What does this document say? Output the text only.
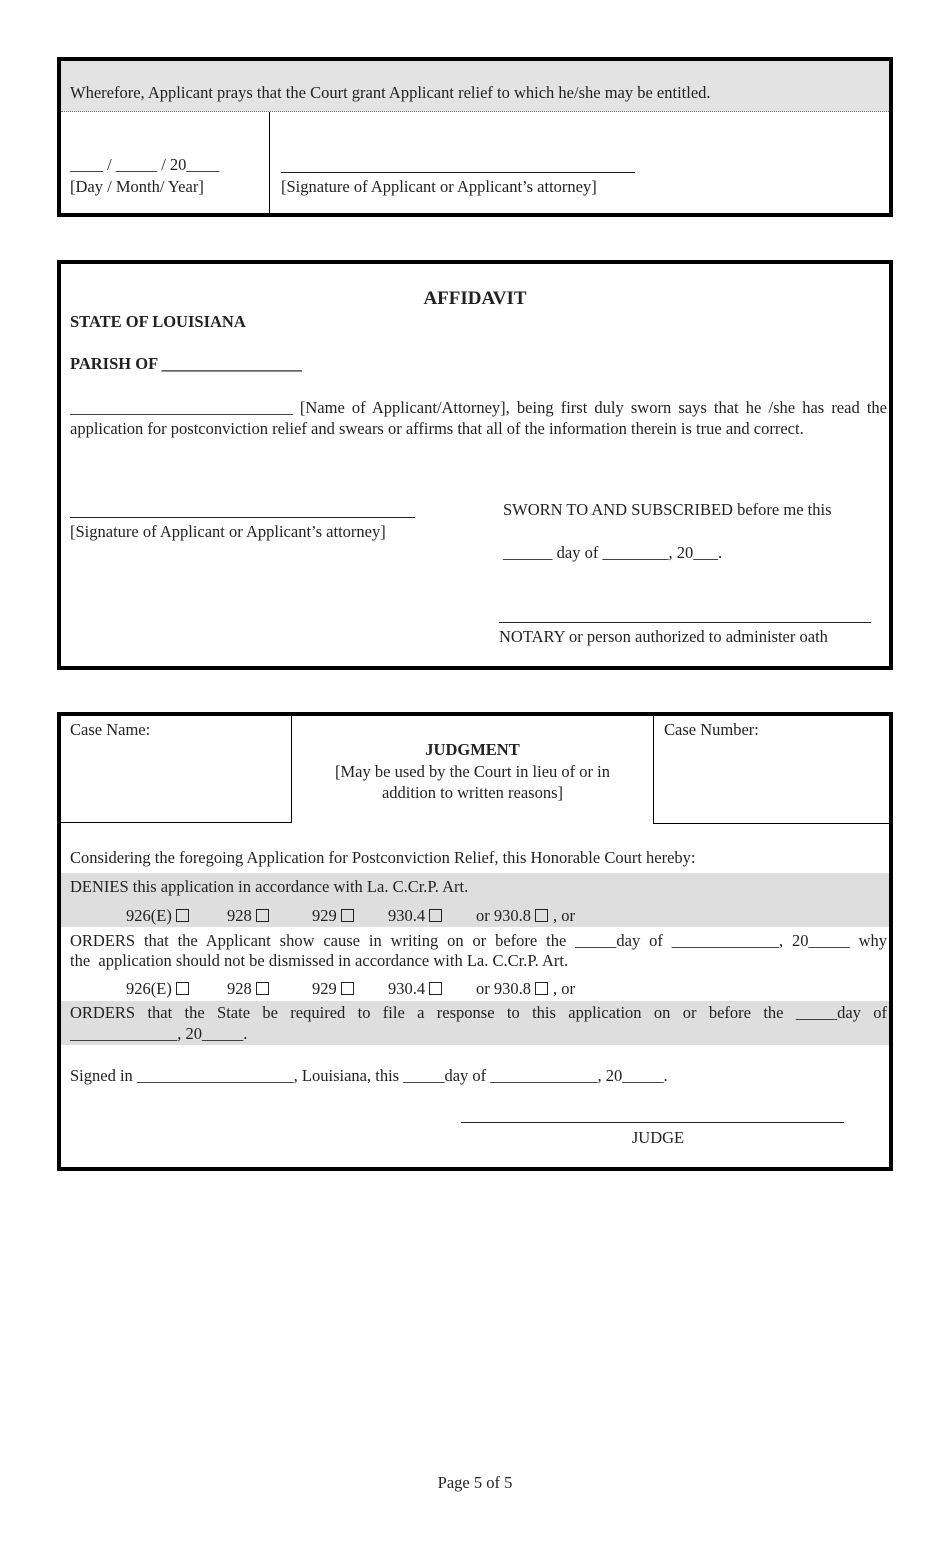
Wherefore, Applicant prays that the Court grant Applicant relief to which he/she may be entitled.
____ / _____ / 20____
[Day / Month/ Year]	[Signature of Applicant or Applicant’s attorney]
AFFIDAVIT
STATE OF LOUISIANA
PARISH OF _________________
___________________________ [Name of Applicant/Attorney], being first duly sworn says that he /she has read the application for postconviction relief and swears or affirms that all of the information therein is true and correct.
[Signature of Applicant or Applicant’s attorney]
SWORN TO AND SUBSCRIBED before me this
______ day of ________, 20___.
NOTARY or person authorized to administer oath
Case Name:	Case Number:
JUDGMENT
[May be used by the Court in lieu of or in
addition to written reasons]
Considering the foregoing Application for Postconviction Relief, this Honorable Court hereby:
DENIES this application in accordance with La. C.Cr.P. Art.
926(E)	928	929	930.4	or 930.8 , or
ORDERS that the Applicant show cause in writing on or before the _____day of _____________, 20_____ why
the  application should not be dismissed in accordance with La. C.Cr.P. Art.
926(E)	928	929	930.4	or 930.8 , or
ORDERS that the State be required to file a response to this application on or before the _____day of
_____________, 20_____.
Signed in ___________________, Louisiana, this _____day of _____________, 20_____.
JUDGE
Page 5 of 5
